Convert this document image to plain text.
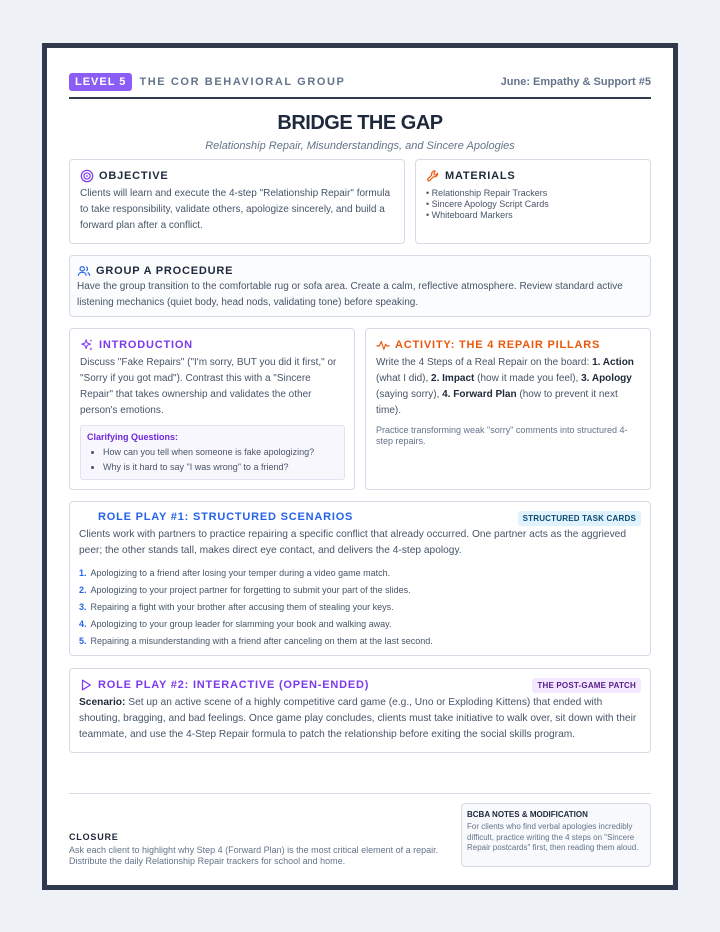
LEVEL 5	THE COR BEHAVIORAL GROUP	June: Empathy & Support #5
BRIDGE THE GAP
Relationship Repair, Misunderstandings, and Sincere Apologies
OBJECTIVE
Clients will learn and execute the 4-step "Relationship Repair" formula to take responsibility, validate others, apologize sincerely, and build a forward plan after a conflict.
MATERIALS
• Relationship Repair Trackers
• Sincere Apology Script Cards
• Whiteboard Markers
GROUP A PROCEDURE
Have the group transition to the comfortable rug or sofa area. Create a calm, reflective atmosphere. Review standard active listening mechanics (quiet body, head nods, validating tone) before speaking.
INTRODUCTION
Discuss "Fake Repairs" ("I'm sorry, BUT you did it first," or "Sorry if you got mad"). Contrast this with a "Sincere Repair" that takes ownership and validates the other person's emotions.
Clarifying Questions:
• How can you tell when someone is fake apologizing?
• Why is it hard to say "I was wrong" to a friend?
ACTIVITY: THE 4 REPAIR PILLARS
Write the 4 Steps of a Real Repair on the board: 1. Action (what I did), 2. Impact (how it made you feel), 3. Apology (saying sorry), 4. Forward Plan (how to prevent it next time).
Practice transforming weak "sorry" comments into structured 4-step repairs.
ROLE PLAY #1: STRUCTURED SCENARIOS	STRUCTURED TASK CARDS
Clients work with partners to practice repairing a specific conflict that already occurred. One partner acts as the aggrieved peer; the other stands tall, makes direct eye contact, and delivers the 4-step apology.
1. Apologizing to a friend after losing your temper during a video game match.
2. Apologizing to your project partner for forgetting to submit your part of the slides.
3. Repairing a fight with your brother after accusing them of stealing your keys.
4. Apologizing to your group leader for slamming your book and walking away.
5. Repairing a misunderstanding with a friend after canceling on them at the last second.
ROLE PLAY #2: INTERACTIVE (OPEN-ENDED)	THE POST-GAME PATCH
Scenario: Set up an active scene of a highly competitive card game (e.g., Uno or Exploding Kittens) that ended with shouting, bragging, and bad feelings. Once game play concludes, clients must take initiative to walk over, sit down with their teammate, and use the 4-Step Repair formula to patch the relationship before exiting the social skills program.
CLOSURE
Ask each client to highlight why Step 4 (Forward Plan) is the most critical element of a repair. Distribute the daily Relationship Repair trackers for school and home.
BCBA NOTES & MODIFICATION
For clients who find verbal apologies incredibly difficult, practice writing the 4 steps on "Sincere Repair postcards" first, then reading them aloud.
